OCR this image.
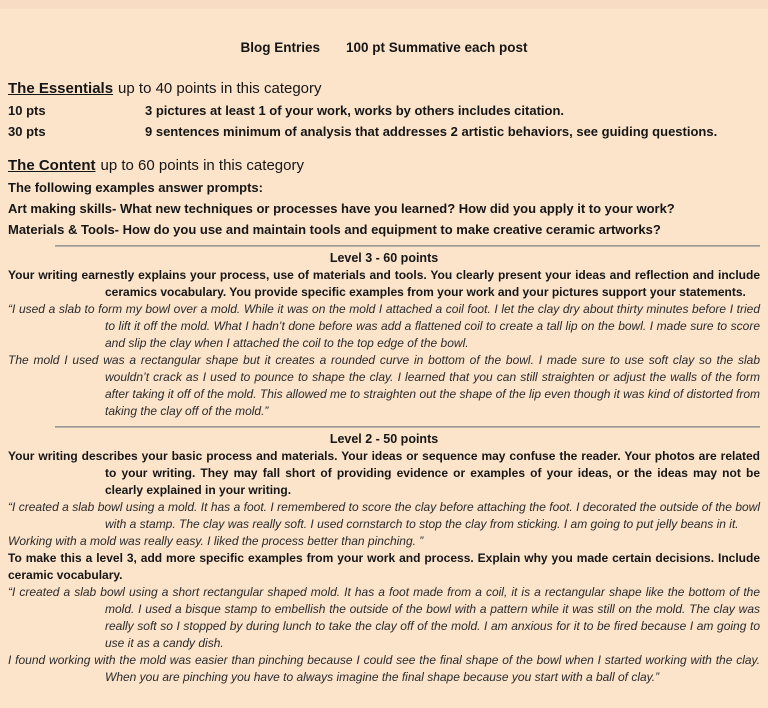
Blog Entries 100 pt Summative each post
The Essentials up to 40 points in this category
10 pts	3 pictures at least 1 of your work, works by others includes citation.
30 pts	9 sentences minimum of analysis that addresses 2 artistic behaviors, see guiding questions.
The Content up to 60 points in this category
The following examples answer prompts:
Art making skills- What new techniques or processes have you learned? How did you apply it to your work?
Materials & Tools- How do you use and maintain tools and equipment to make creative ceramic artworks?
Level 3 - 60 points

Your writing earnestly explains your process, use of materials and tools. You clearly present your ideas and reflection and include ceramics vocabulary. You provide specific examples from your work and your pictures support your statements.

“I used a slab to form my bowl over a mold. While it was on the mold I attached a coil foot. I let the clay dry about thirty minutes before I tried to lift it off the mold. What I hadn’t done before was add a flattened coil to create a tall lip on the bowl. I made sure to score and slip the clay when I attached the coil to the top edge of the bowl.

The mold I used was a rectangular shape but it creates a rounded curve in bottom of the bowl. I made sure to use soft clay so the slab wouldn’t crack as I used to pounce to shape the clay. I learned that you can still straighten or adjust the walls of the form after taking it off of the mold. This allowed me to straighten out the shape of the lip even though it was kind of distorted from taking the clay off of the mold.”

Level 2 - 50 points

Your writing describes your basic process and materials. Your ideas or sequence may confuse the reader. Your photos are related to your writing. They may fall short of providing evidence or examples of your ideas, or the ideas may not be clearly explained in your writing.

“I created a slab bowl using a mold. It has a foot. I remembered to score the clay before attaching the foot. I decorated the outside of the bowl with a stamp. The clay was really soft. I used cornstarch to stop the clay from sticking. I am going to put jelly beans in it.

Working with a mold was really easy. I liked the process better than pinching. ”

To make this a level 3, add more specific examples from your work and process. Explain why you made certain decisions. Include ceramic vocabulary.

“I created a slab bowl using a short rectangular shaped mold. It has a foot made from a coil, it is a rectangular shape like the bottom of the mold. I used a bisque stamp to embellish the outside of the bowl with a pattern while it was still on the mold. The clay was really soft so I stopped by during lunch to take the clay off of the mold. I am anxious for it to be fired because I am going to use it as a candy dish.

I found working with the mold was easier than pinching because I could see the final shape of the bowl when I started working with the clay. When you are pinching you have to always imagine the final shape because you start with a ball of clay.”
